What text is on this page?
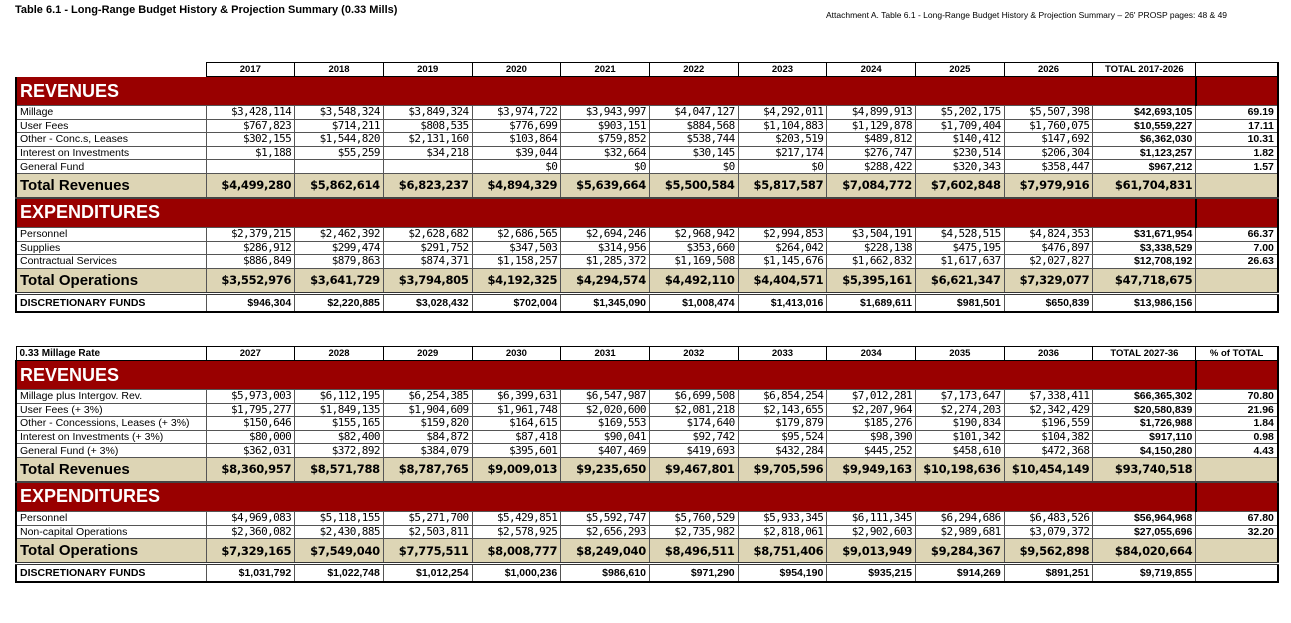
Table 6.1 - Long-Range Budget History & Projection Summary (0.33 Mills)	Attachment A. Table 6.1 - Long-Range Budget History & Projection Summary – 26' PROSP pages: 48 & 49
	2017	2018	2019	2020	2021	2022	2023	2024	2025	2026	TOTAL 2017-2026	
REVENUES												
Millage	$3,428,114	$3,548,324	$3,849,324	$3,974,722	$3,943,997	$4,047,127	$4,292,011	$4,899,913	$5,202,175	$5,507,398	$42,693,105	69.19
User Fees	$767,823	$714,211	$808,535	$776,699	$903,151	$884,568	$1,104,883	$1,129,878	$1,709,404	$1,760,075	$10,559,227	17.11
Other - Conc.s, Leases	$302,155	$1,544,820	$2,131,160	$103,864	$759,852	$538,744	$203,519	$489,812	$140,412	$147,692	$6,362,030	10.31
Interest on Investments	$1,188	$55,259	$34,218	$39,044	$32,664	$30,145	$217,174	$276,747	$230,514	$206,304	$1,123,257	1.82
General Fund				$0	$0	$0	$0	$288,422	$320,343	$358,447	$967,212	1.57
Total Revenues	$4,499,280	$5,862,614	$6,823,237	$4,894,329	$5,639,664	$5,500,584	$5,817,587	$7,084,772	$7,602,848	$7,979,916	$61,704,831	
EXPENDITURES												
Personnel	$2,379,215	$2,462,392	$2,628,682	$2,686,565	$2,694,246	$2,968,942	$2,994,853	$3,504,191	$4,528,515	$4,824,353	$31,671,954	66.37
Supplies	$286,912	$299,474	$291,752	$347,503	$314,956	$353,660	$264,042	$228,138	$475,195	$476,897	$3,338,529	7.00
Contractual Services	$886,849	$879,863	$874,371	$1,158,257	$1,285,372	$1,169,508	$1,145,676	$1,662,832	$1,617,637	$2,027,827	$12,708,192	26.63
Total Operations	$3,552,976	$3,641,729	$3,794,805	$4,192,325	$4,294,574	$4,492,110	$4,404,571	$5,395,161	$6,621,347	$7,329,077	$47,718,675	
DISCRETIONARY FUNDS	$946,304	$2,220,885	$3,028,432	$702,004	$1,345,090	$1,008,474	$1,413,016	$1,689,611	$981,501	$650,839	$13,986,156	
0.33 Millage Rate	2027	2028	2029	2030	2031	2032	2033	2034	2035	2036	TOTAL 2027-36	% of TOTAL
REVENUES												
Millage plus Intergov. Rev.	$5,973,003	$6,112,195	$6,254,385	$6,399,631	$6,547,987	$6,699,508	$6,854,254	$7,012,281	$7,173,647	$7,338,411	$66,365,302	70.80
User Fees (+ 3%)	$1,795,277	$1,849,135	$1,904,609	$1,961,748	$2,020,600	$2,081,218	$2,143,655	$2,207,964	$2,274,203	$2,342,429	$20,580,839	21.96
Other - Concessions, Leases (+ 3%)	$150,646	$155,165	$159,820	$164,615	$169,553	$174,640	$179,879	$185,276	$190,834	$196,559	$1,726,988	1.84
Interest on Investments (+ 3%)	$80,000	$82,400	$84,872	$87,418	$90,041	$92,742	$95,524	$98,390	$101,342	$104,382	$917,110	0.98
General Fund (+ 3%)	$362,031	$372,892	$384,079	$395,601	$407,469	$419,693	$432,284	$445,252	$458,610	$472,368	$4,150,280	4.43
Total Revenues	$8,360,957	$8,571,788	$8,787,765	$9,009,013	$9,235,650	$9,467,801	$9,705,596	$9,949,163	$10,198,636	$10,454,149	$93,740,518	
EXPENDITURES												
Personnel	$4,969,083	$5,118,155	$5,271,700	$5,429,851	$5,592,747	$5,760,529	$5,933,345	$6,111,345	$6,294,686	$6,483,526	$56,964,968	67.80
Non-capital Operations	$2,360,082	$2,430,885	$2,503,811	$2,578,925	$2,656,293	$2,735,982	$2,818,061	$2,902,603	$2,989,681	$3,079,372	$27,055,696	32.20
Total Operations	$7,329,165	$7,549,040	$7,775,511	$8,008,777	$8,249,040	$8,496,511	$8,751,406	$9,013,949	$9,284,367	$9,562,898	$84,020,664	
DISCRETIONARY FUNDS	$1,031,792	$1,022,748	$1,012,254	$1,000,236	$986,610	$971,290	$954,190	$935,215	$914,269	$891,251	$9,719,855	
